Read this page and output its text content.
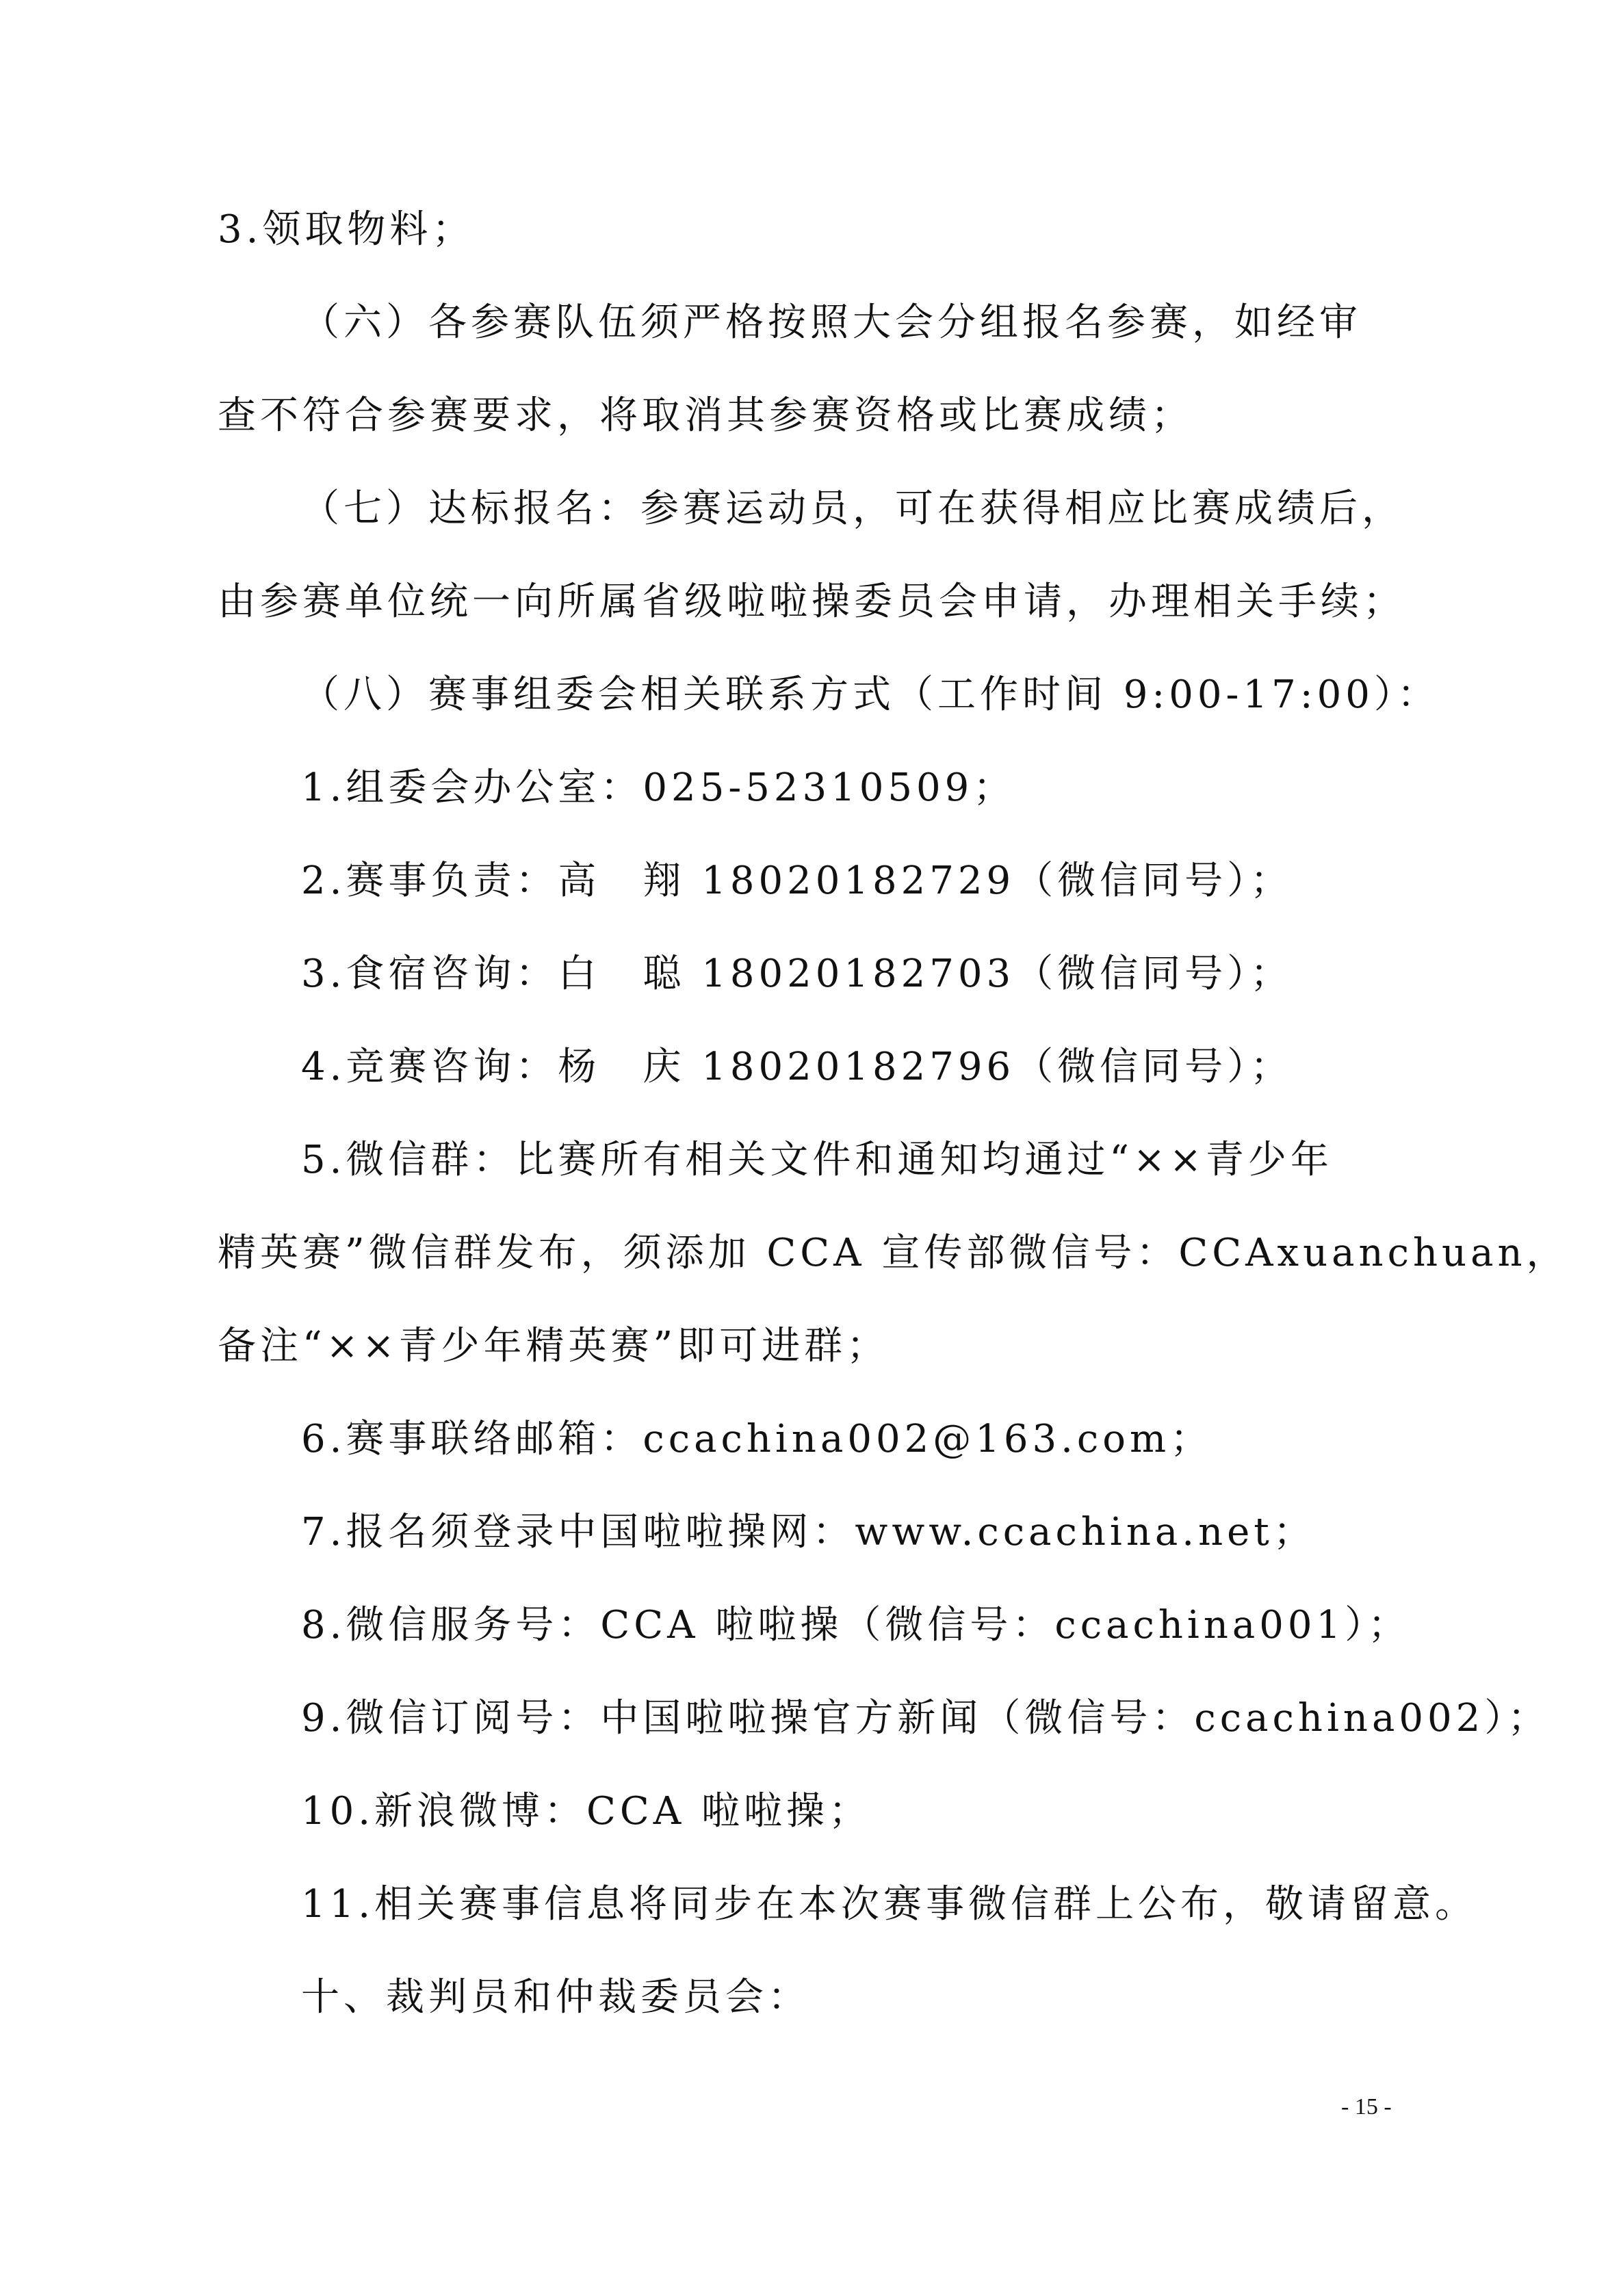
3.领取物料；
（六）各参赛队伍须严格按照大会分组报名参赛，如经审
查不符合参赛要求，将取消其参赛资格或比赛成绩；
（七）达标报名：参赛运动员，可在获得相应比赛成绩后，
由参赛单位统一向所属省级啦啦操委员会申请，办理相关手续；
（八）赛事组委会相关联系方式（工作时间 9:00-17:00）：
1.组委会办公室：025-52310509；
2.赛事负责：高　翔 18020182729（微信同号）；
3.食宿咨询：白　聪 18020182703（微信同号）；
4.竞赛咨询：杨　庆 18020182796（微信同号）；
5.微信群：比赛所有相关文件和通知均通过“××青少年
精英赛”微信群发布，须添加 CCA 宣传部微信号：CCAxuanchuan，
备注“××青少年精英赛”即可进群；
6.赛事联络邮箱：ccachina002@163.com；
7.报名须登录中国啦啦操网：www.ccachina.net；
8.微信服务号：CCA 啦啦操（微信号：ccachina001）；
9.微信订阅号：中国啦啦操官方新闻（微信号：ccachina002）；
10.新浪微博：CCA 啦啦操；
11.相关赛事信息将同步在本次赛事微信群上公布，敬请留意。
十、裁判员和仲裁委员会：
- 15 -
